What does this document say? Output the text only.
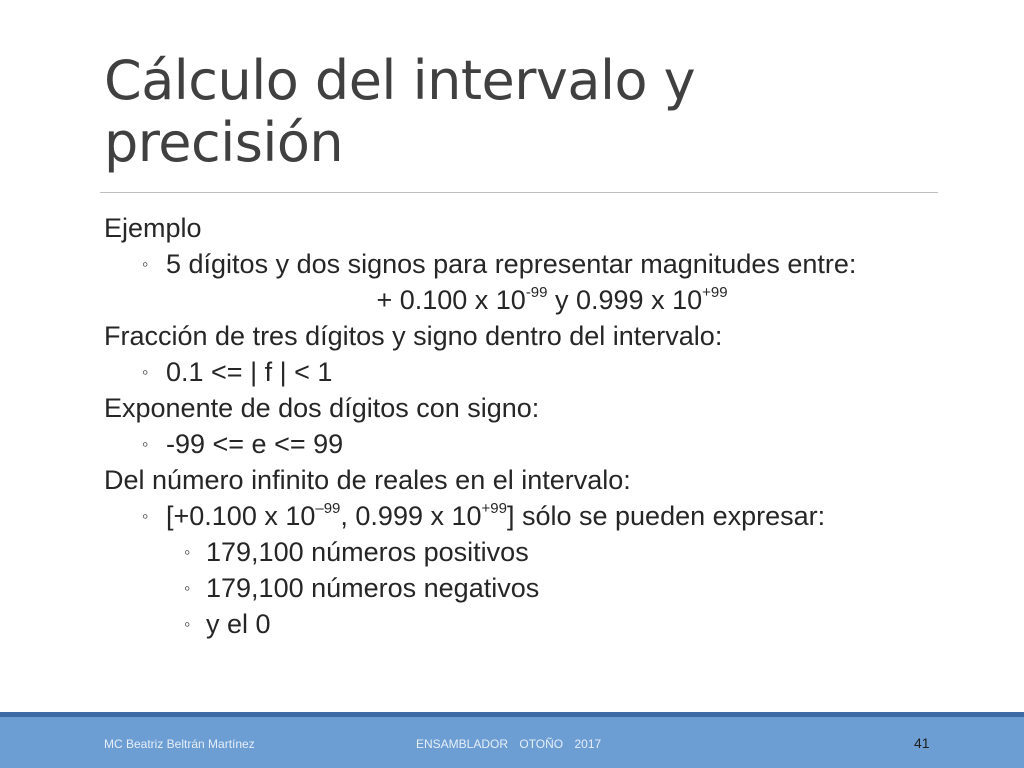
Cálculo del intervalo y precisión

Ejemplo

◦ 5 dígitos y dos signos para representar magnitudes entre:

+ 0.100 x $10^{-99}$ y 0.999 x $10^{+99}$

Fracción de tres dígitos y signo dentro del intervalo:

◦ 0.1 <= | f | < 1

Exponente de dos dígitos con signo:

◦ -99 <= e <= 99

Del número infinito de reales en el intervalo:

◦ [+0.100 x $10^{-99}$, 0.999 x $10^{+99}$] sólo se pueden expresar:

◦ 179,100 números positivos

◦ 179,100 números negativos

◦ y el 0

MC Beatriz Beltrán Martínez	ENSAMBLADOR OTOÑO 2017	41
